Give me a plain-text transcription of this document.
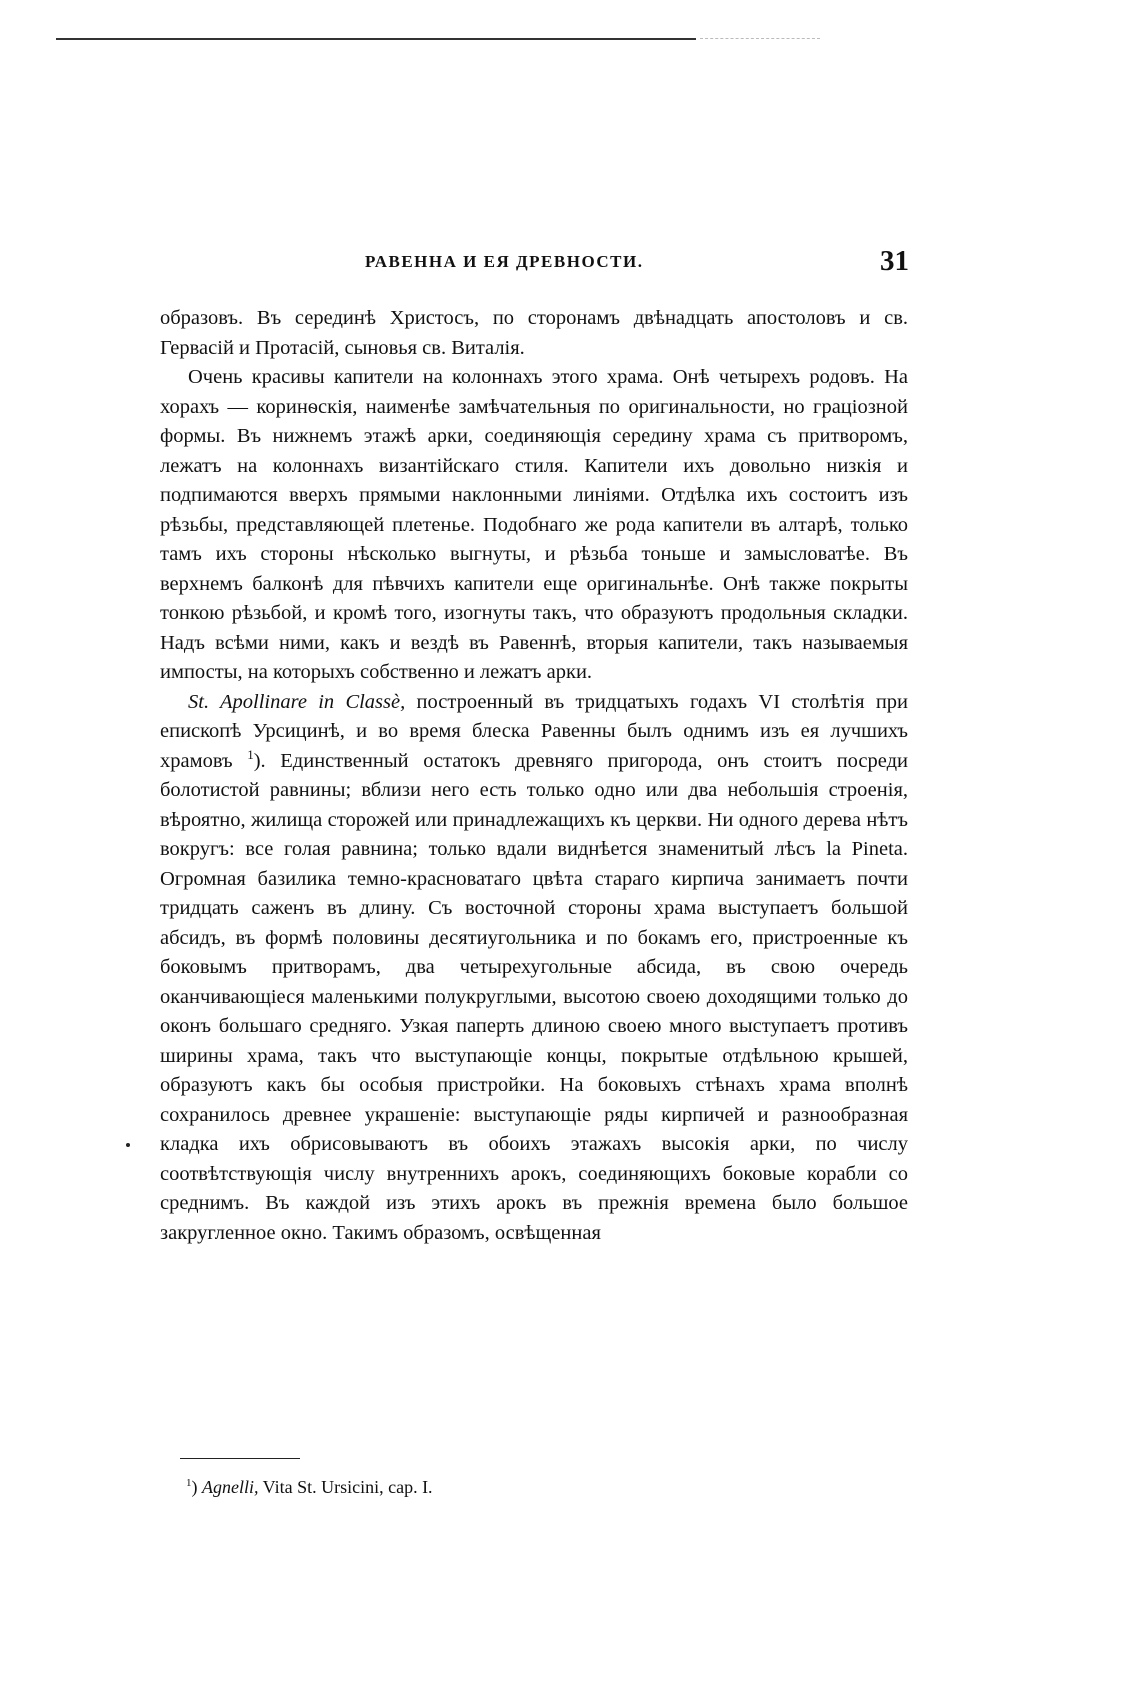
РАВЕННА И ЕЯ ДРЕВНОСТИ.	31

образовъ. Въ серединѣ Христосъ, по сторонамъ двѣнадцать апостоловъ и св. Гервасій и Протасій, сыновья св. Виталія.

Очень красивы капители на колоннахъ этого храма. Онѣ четырехъ родовъ. На хорахъ — коринѳскія, наименѣе замѣчательныя по оригинальности, но граціозной формы. Въ нижнемъ этажѣ арки, соединяющія середину храма съ притворомъ, лежатъ на колоннахъ византійскаго стиля. Капители ихъ довольно низкія и подпимаются вверхъ прямыми наклонными линіями. Отдѣлка ихъ состоитъ изъ рѣзьбы, представляющей плетенье. Подобнаго же рода капители въ алтарѣ, только тамъ ихъ стороны нѣсколько выгнуты, и рѣзьба тоньше и замысловатѣе. Въ верхнемъ балконѣ для пѣвчихъ капители еще оригинальнѣе. Онѣ также покрыты тонкою рѣзьбой, и кромѣ того, изогнуты такъ, что образуютъ продольныя складки. Надъ всѣми ними, какъ и вездѣ въ Равеннѣ, вторыя капители, такъ называемыя импосты, на которыхъ собственно и лежатъ арки.

St. Apollinare in Classè, построенный въ тридцатыхъ годахъ VI столѣтія при епископѣ Урсицинѣ, и во время блеска Равенны былъ однимъ изъ ея лучшихъ храмовъ $^1$). Единственный остатокъ древняго пригорода, онъ стоитъ посреди болотистой равнины; вблизи него есть только одно или два небольшія строенія, вѣроятно, жилища сторожей или принадлежащихъ къ церкви. Ни одного дерева нѣтъ вокругъ: все голая равнина; только вдали виднѣется знаменитый лѣсъ la Pineta. Огромная базилика темно-красноватаго цвѣта стараго кирпича занимаетъ почти тридцать саженъ въ длину. Съ восточной стороны храма выступаетъ большой абсидъ, въ формѣ половины десятиугольника и по бокамъ его, пристроенные къ боковымъ притворамъ, два четырехугольные абсида, въ свою очередь оканчивающіеся маленькими полукруглыми, высотою своею доходящими только до оконъ большаго средняго. Узкая паперть длиною своею много выступаетъ противъ ширины храма, такъ что выступающіе концы, покрытые отдѣльною крышей, образуютъ какъ бы особыя пристройки. На боковыхъ стѣнахъ храма вполнѣ сохранилось древнее украшеніе: выступающіе ряды кирпичей и разнообразная кладка ихъ обрисовываютъ въ обоихъ этажахъ высокія арки, по числу соотвѣтствующія числу внутреннихъ арокъ, соединяющихъ боковые корабли со среднимъ. Въ каждой изъ этихъ арокъ въ прежнія времена было большое закругленное окно. Такимъ образомъ, освѣщенная

$^1$) Agnelli, Vita St. Ursicini, cap. I.
